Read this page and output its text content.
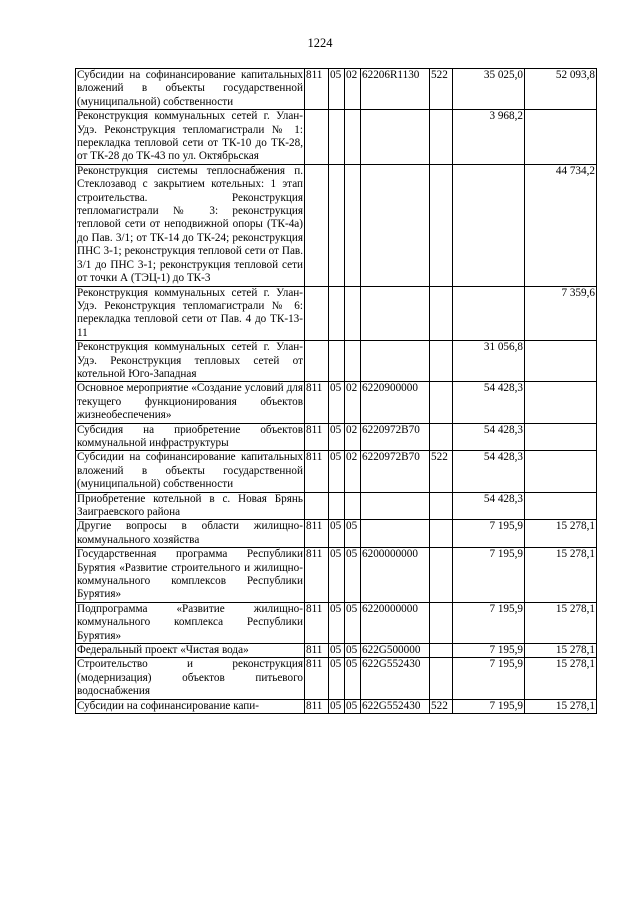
1224
Субсидии на софинансирование капитальных вложений в объекты государственной (муниципальной) собственности	811	05	02	62206R1130	522	35 025,0	52 093,8
Реконструкция коммунальных сетей г. Улан-Удэ. Реконструкция тепломагистрали № 1: перекладка тепловой сети от ТК-10 до ТК-28, от ТК-28 до ТК-43 по ул. Октябрьская						3 968,2	
Реконструкция системы теплоснабжения п. Стеклозавод с закрытием котельных: 1 этап строительства. Реконструкция тепломагистрали № 3: реконструкция тепловой сети от неподвижной опоры (ТК-4а) до Пав. 3/1; от ТК-14 до ТК-24; реконструкция ПНС 3-1; реконструкция тепловой сети от Пав. 3/1 до ПНС 3-1; реконструкция тепловой сети от точки А (ТЭЦ-1) до ТК-3							44 734,2
Реконструкция коммунальных сетей г. Улан-Удэ. Реконструкция тепломагистрали № 6: перекладка тепловой сети от Пав. 4 до ТК-13-11							7 359,6
Реконструкция коммунальных сетей г. Улан-Удэ. Реконструкция тепловых сетей от котельной Юго-Западная						31 056,8	
Основное мероприятие «Создание условий для текущего функционирования объектов жизнеобеспечения»	811	05	02	6220900000		54 428,3	
Субсидия на приобретение объектов коммунальной инфраструктуры	811	05	02	6220972В70		54 428,3	
Субсидии на софинансирование капитальных вложений в объекты государственной (муниципальной) собственности	811	05	02	6220972В70	522	54 428,3	
Приобретение котельной в с. Новая Брянь Заиграевского района						54 428,3	
Другие вопросы в области жилищно-коммунального хозяйства	811	05	05			7 195,9	15 278,1
Государственная программа Республики Бурятия «Развитие строительного и жилищно-коммунального комплексов Республики Бурятия»	811	05	05	6200000000		7 195,9	15 278,1
Подпрограмма «Развитие жилищно-коммунального комплекса Республики Бурятия»	811	05	05	6220000000		7 195,9	15 278,1
Федеральный проект «Чистая вода»	811	05	05	622G500000		7 195,9	15 278,1
Строительство и реконструкция (модернизация) объектов питьевого водоснабжения	811	05	05	622G552430		7 195,9	15 278,1
Субсидии на софинансирование капи-	811	05	05	622G552430	522	7 195,9	15 278,1
